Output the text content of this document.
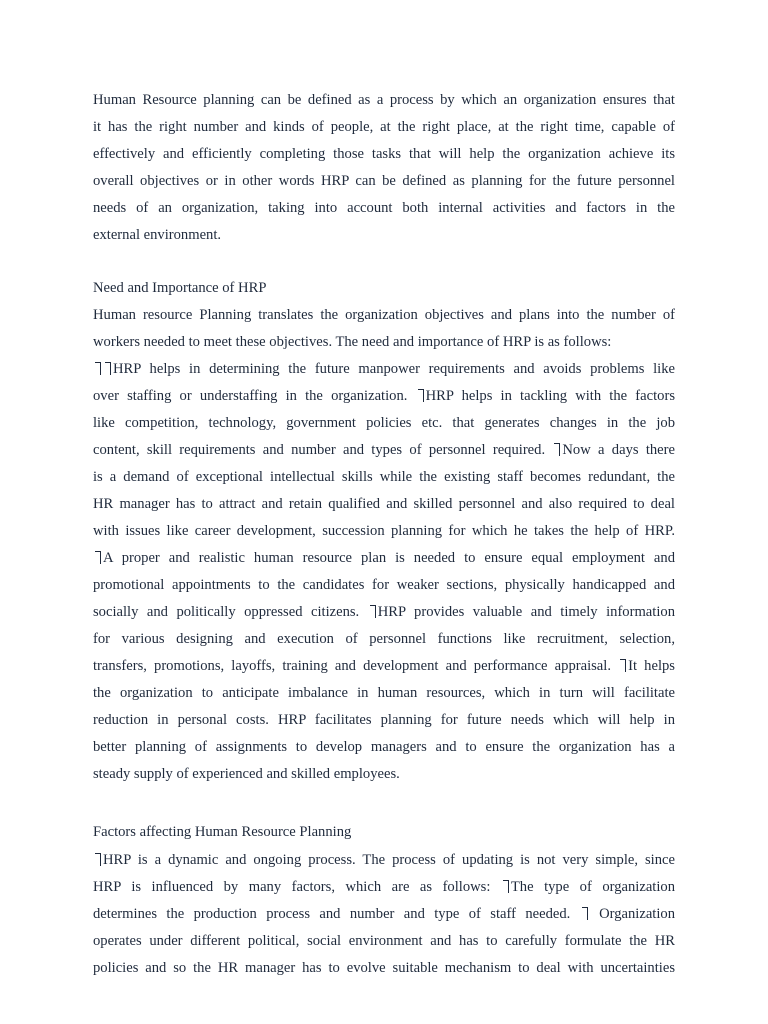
Human Resource planning can be defined as a process by which an organization ensures that
it has the right number and kinds of people, at the right place, at the right time, capable of
effectively and efficiently completing those tasks that will help the organization achieve its
overall objectives or in other words HRP can be defined as planning for the future personnel
needs of an organization, taking into account both internal activities and factors in the
external environment.

Need and Importance of HRP

Human resource Planning translates the organization objectives and plans into the number of
workers needed to meet these objectives. The need and importance of HRP is as follows:
HRP helps in determining the future manpower requirements and avoids problems like
over staffing or understaffing in the organization. HRP helps in tackling with the factors
like competition, technology, government policies etc. that generates changes in the job
content, skill requirements and number and types of personnel required. Now a days there
is a demand of exceptional intellectual skills while the existing staff becomes redundant, the
HR manager has to attract and retain qualified and skilled personnel and also required to deal
with issues like career development, succession planning for which he takes the help of HRP.
A proper and realistic human resource plan is needed to ensure equal employment and
promotional appointments to the candidates for weaker sections, physically handicapped and
socially and politically oppressed citizens. HRP provides valuable and timely information
for various designing and execution of personnel functions like recruitment, selection,
transfers, promotions, layoffs, training and development and performance appraisal. It helps
the organization to anticipate imbalance in human resources, which in turn will facilitate
reduction in personal costs. HRP facilitates planning for future needs which will help in
better planning of assignments to develop managers and to ensure the organization has a
steady supply of experienced and skilled employees.

Factors affecting Human Resource Planning

HRP is a dynamic and ongoing process. The process of updating is not very simple, since
HRP is influenced by many factors, which are as follows: The type of organization
determines the production process and number and type of staff needed.  Organization
operates under different political, social environment and has to carefully formulate the HR
policies and so the HR manager has to evolve suitable mechanism to deal with uncertainties
